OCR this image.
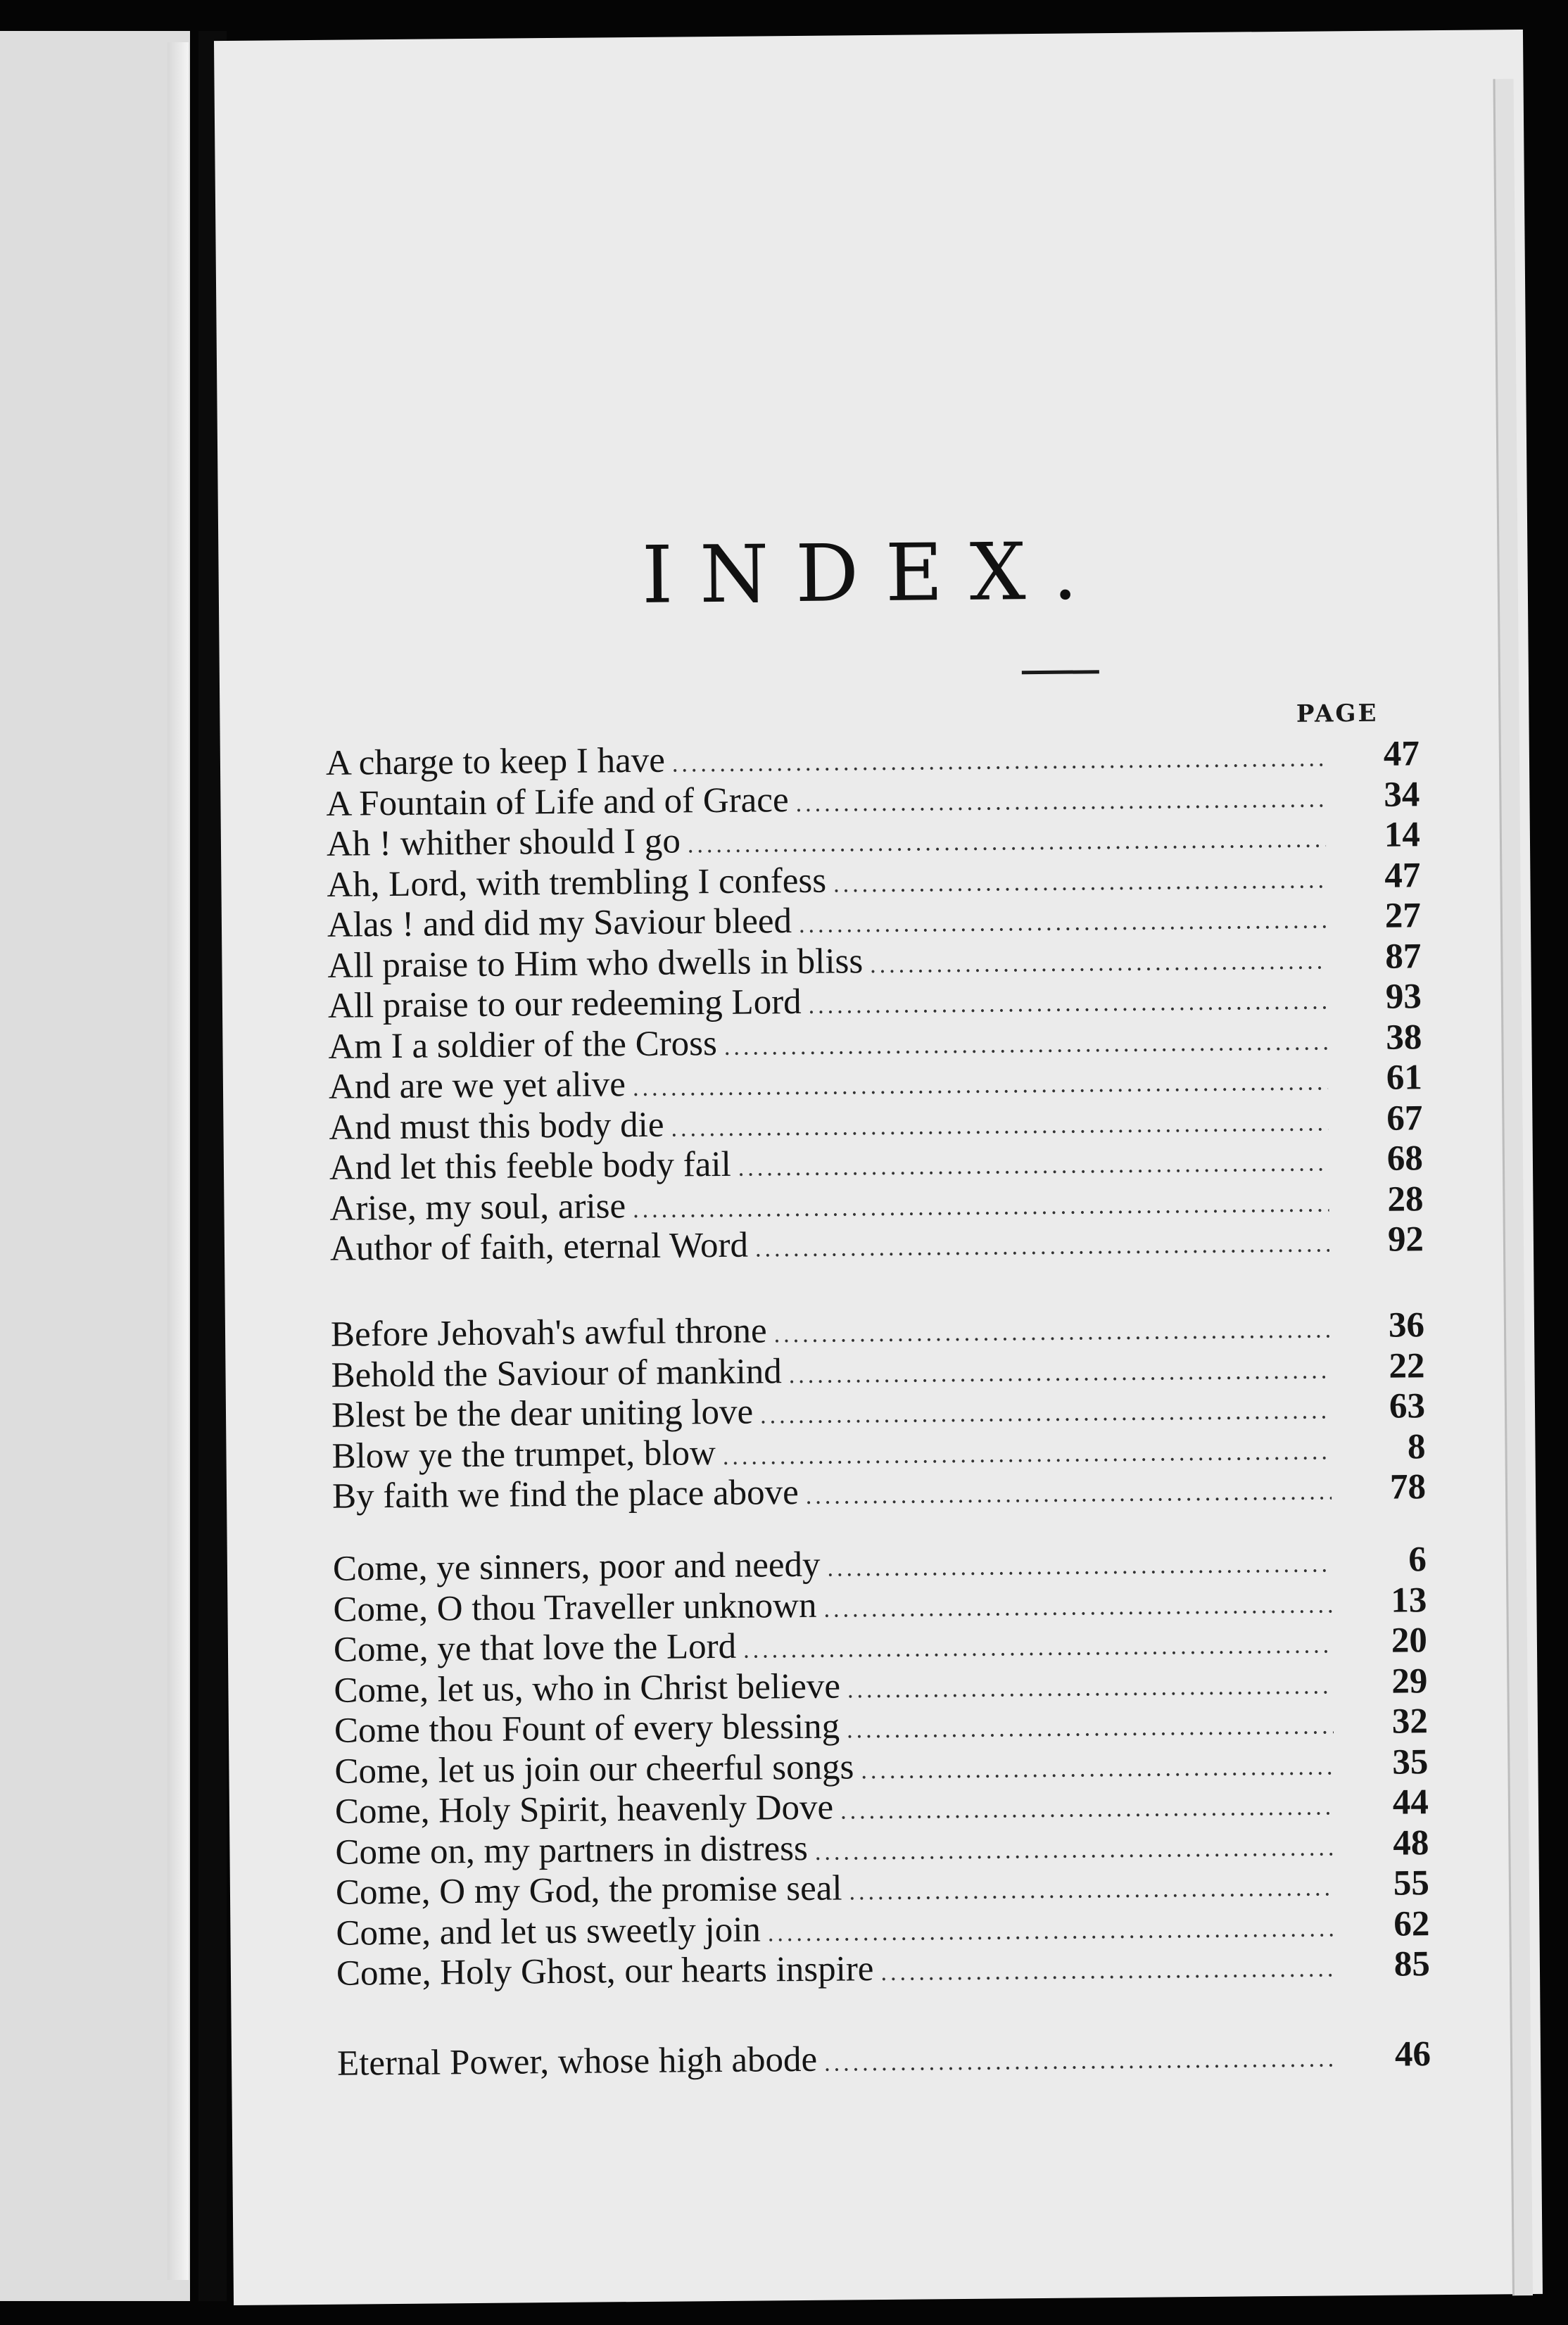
INDEX.
PAGE
A charge to keep I have .....	47
A Fountain of Life and of Grace .....	34
Ah ! whither should I go .....	14
Ah, Lord, with trembling I confess .....	47
Alas ! and did my Saviour bleed .....	27
All praise to Him who dwells in bliss .....	87
All praise to our redeeming Lord .....	93
Am I a soldier of the Cross .....	38
And are we yet alive .....	61
And must this body die .....	67
And let this feeble body fail .....	68
Arise, my soul, arise .....	28
Author of faith, eternal Word .....	92
Before Jehovah's awful throne .....	36
Behold the Saviour of mankind .....	22
Blest be the dear uniting love .....	63
Blow ye the trumpet, blow .....	8
By faith we find the place above .....	78
Come, ye sinners, poor and needy .....	6
Come, O thou Traveller unknown .....	13
Come, ye that love the Lord .....	20
Come, let us, who in Christ believe .....	29
Come thou Fount of every blessing .....	32
Come, let us join our cheerful songs .....	35
Come, Holy Spirit, heavenly Dove .....	44
Come on, my partners in distress .....	48
Come, O my God, the promise seal .....	55
Come, and let us sweetly join .....	62
Come, Holy Ghost, our hearts inspire .....	85
Eternal Power, whose high abode .....	46
